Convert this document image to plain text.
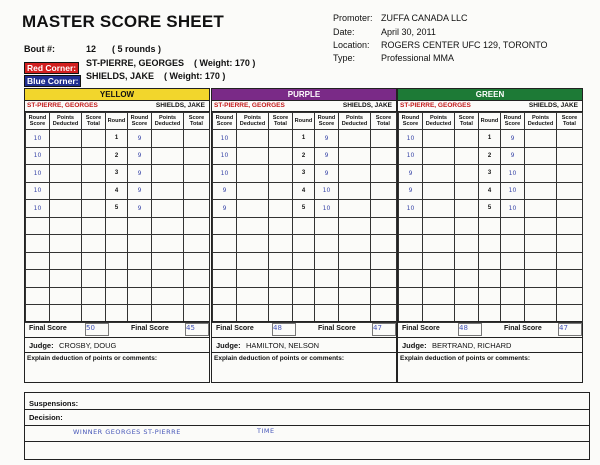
MASTER SCORE SHEET	Promoter: ZUFFA CANADA LLC
Date:	April 30, 2011
Location: ROGERS CENTER UFC 129, TORONTO
Type:	Professional MMA
Bout #:	12 ( 5 rounds )
Red Corner:	ST-PIERRE, GEORGES    ( Weight: 170 )
Blue Corner: SHIELDS, JAKE    ( Weight: 170 )
YELLOW
ST-PIERRE, GEORGES	SHIELDS, JAKE
Round Score	Points Deducted	Score Total	Round	Round Score	Points Deducted	Score Total
10			1	9		
10			2	9		
10			3	9		
10			4	9		
10			5	9		

Final Score	50	Final Score 45
Judge: CROSBY, DOUG
Explain deduction of points or comments:
PURPLE
ST-PIERRE, GEORGES	SHIELDS, JAKE
Round Score	Points Deducted	Score Total	Round	Round Score	Points Deducted	Score Total
10			1	9		
10			2	9		
10			3	9		
9			4	10		
9			5	10		

Final Score	48	Final Score 47
Judge: HAMILTON, NELSON
Explain deduction of points or comments:
GREEN
ST-PIERRE, GEORGES	SHIELDS, JAKE
Round Score	Points Deducted	Score Total	Round	Round Score	Points Deducted	Score Total
10			1	9		
10			2	9		
9			3	10		
9			4	10		
10			5	10		

Final Score	48	Final Score 47
Judge: BERTRAND, RICHARD
Explain deduction of points or comments:
Suspensions:
Decision:
WINNER GEORGES ST-PIERRE	TIME
